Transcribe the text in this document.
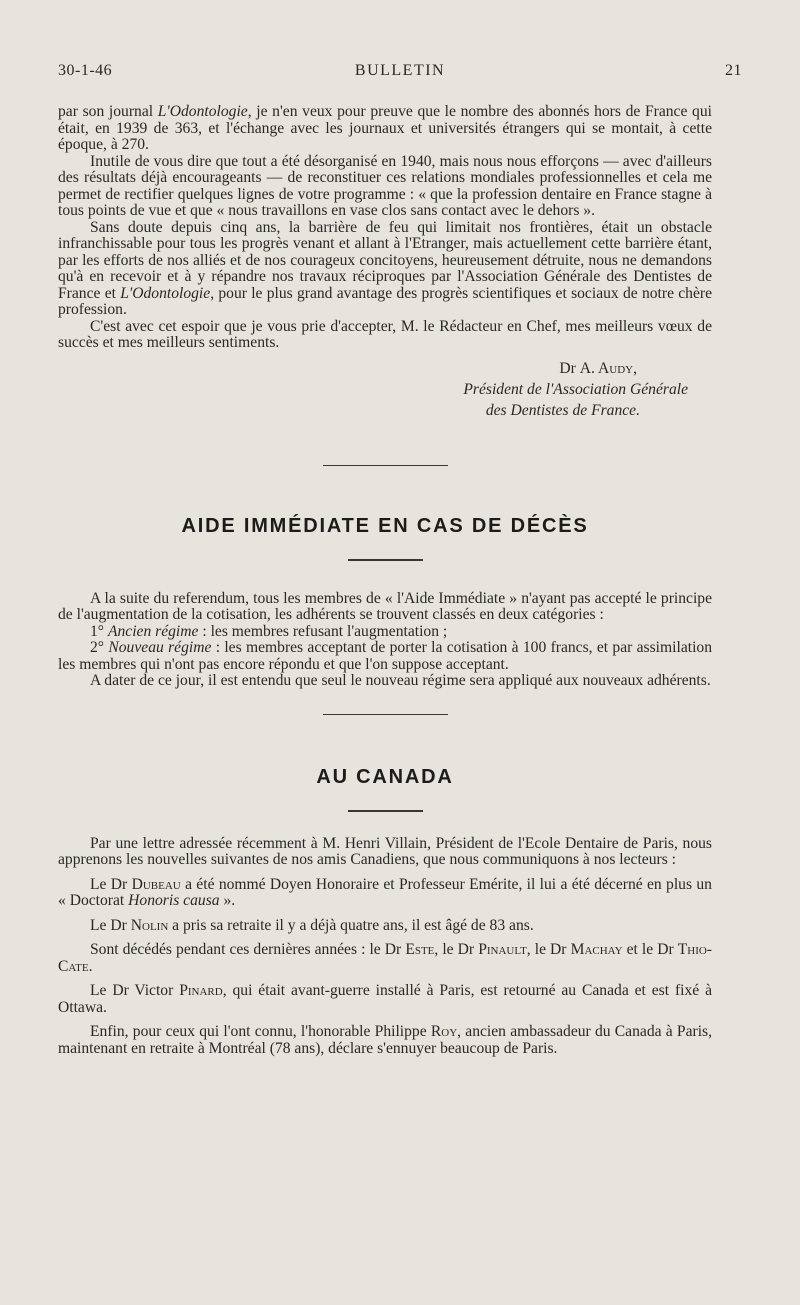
30-1-46	BULLETIN	21

par son journal L'Odontologie, je n'en veux pour preuve que le nombre des abonnés hors de France qui était, en 1939 de 363, et l'échange avec les journaux et universités étrangers qui se montait, à cette époque, à 270.

Inutile de vous dire que tout a été désorganisé en 1940, mais nous nous efforçons — avec d'ailleurs des résultats déjà encourageants — de reconstituer ces relations mondiales professionnelles et cela me permet de rectifier quelques lignes de votre programme : « que la profession dentaire en France stagne à tous points de vue et que « nous travaillons en vase clos sans contact avec le dehors ».

Sans doute depuis cinq ans, la barrière de feu qui limitait nos frontières, était un obstacle infranchissable pour tous les progrès venant et allant à l'Etranger, mais actuellement cette barrière étant, par les efforts de nos alliés et de nos courageux concitoyens, heureusement détruite, nous ne demandons qu'à en recevoir et à y répandre nos travaux réciproques par l'Association Générale des Dentistes de France et L'Odontologie, pour le plus grand avantage des progrès scientifiques et sociaux de notre chère profession.

C'est avec cet espoir que je vous prie d'accepter, M. le Rédacteur en Chef, mes meilleurs vœux de succès et mes meilleurs sentiments.

Dr A. Audy,
Président de l'Association Générale
des Dentistes de France.
AIDE IMMÉDIATE EN CAS DE DÉCÈS

A la suite du referendum, tous les membres de « l'Aide Immédiate » n'ayant pas accepté le principe de l'augmentation de la cotisation, les adhérents se trouvent classés en deux catégories :

1° Ancien régime : les membres refusant l'augmentation ;

2° Nouveau régime : les membres acceptant de porter la cotisation à 100 francs, et par assimilation les membres qui n'ont pas encore répondu et que l'on suppose acceptant.

A dater de ce jour, il est entendu que seul le nouveau régime sera appliqué aux nouveaux adhérents.

AU CANADA

Par une lettre adressée récemment à M. Henri Villain, Président de l'Ecole Dentaire de Paris, nous apprenons les nouvelles suivantes de nos amis Canadiens, que nous communiquons à nos lecteurs :

Le Dr Dubeau a été nommé Doyen Honoraire et Professeur Emérite, il lui a été décerné en plus un « Doctorat Honoris causa ».

Le Dr Nolin a pris sa retraite il y a déjà quatre ans, il est âgé de 83 ans.

Sont décédés pendant ces dernières années : le Dr Este, le Dr Pinault, le Dr Machay et le Dr Thio-Cate.

Le Dr Victor Pinard, qui était avant-guerre installé à Paris, est retourné au Canada et est fixé à Ottawa.

Enfin, pour ceux qui l'ont connu, l'honorable Philippe Roy, ancien ambassadeur du Canada à Paris, maintenant en retraite à Montréal (78 ans), déclare s'ennuyer beaucoup de Paris.
